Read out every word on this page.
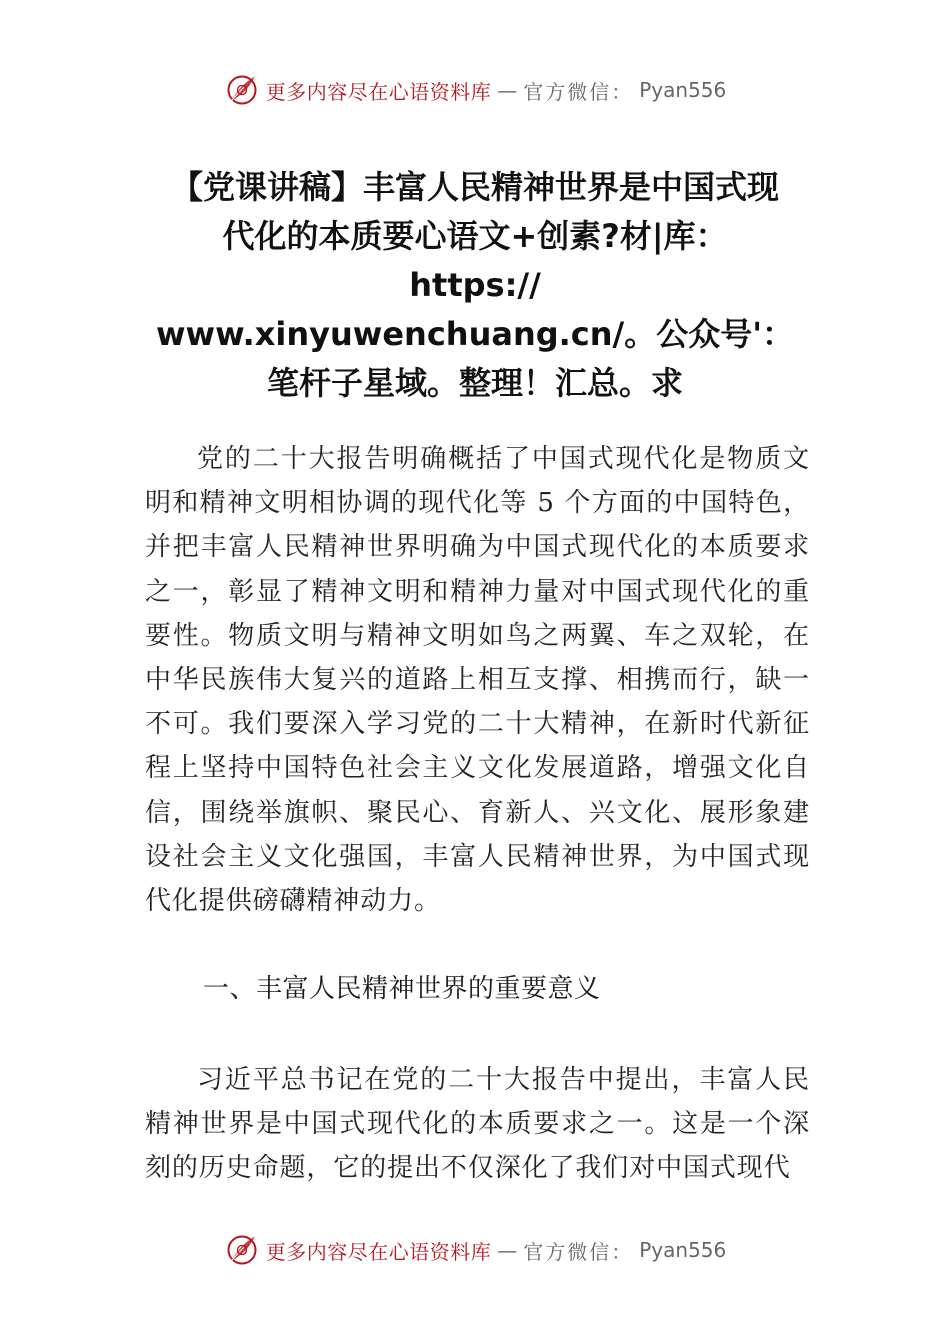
更多内容尽在心语资料库 — 官方微信： Pyan556
【党课讲稿】丰富人民精神世界是中国式现
代化的本质要心语文+创素?材|库：
https://
www.xinyuwenchuang.cn/。公众号'：
笔杆子星域。整理！汇总。求

党的二十大报告明确概括了中国式现代化是物质文明和精神文明相协调的现代化等 5 个方面的中国特色，并把丰富人民精神世界明确为中国式现代化的本质要求之一，彰显了精神文明和精神力量对中国式现代化的重要性。物质文明与精神文明如鸟之两翼、车之双轮，在中华民族伟大复兴的道路上相互支撑、相携而行，缺一不可。我们要深入学习党的二十大精神，在新时代新征程上坚持中国特色社会主义文化发展道路，增强文化自信，围绕举旗帜、聚民心、育新人、兴文化、展形象建设社会主义文化强国，丰富人民精神世界，为中国式现代化提供磅礴精神动力。

一、丰富人民精神世界的重要意义

习近平总书记在党的二十大报告中提出，丰富人民精神世界是中国式现代化的本质要求之一。这是一个深刻的历史命题，它的提出不仅深化了我们对中国式现代

更多内容尽在心语资料库 — 官方微信： Pyan556
